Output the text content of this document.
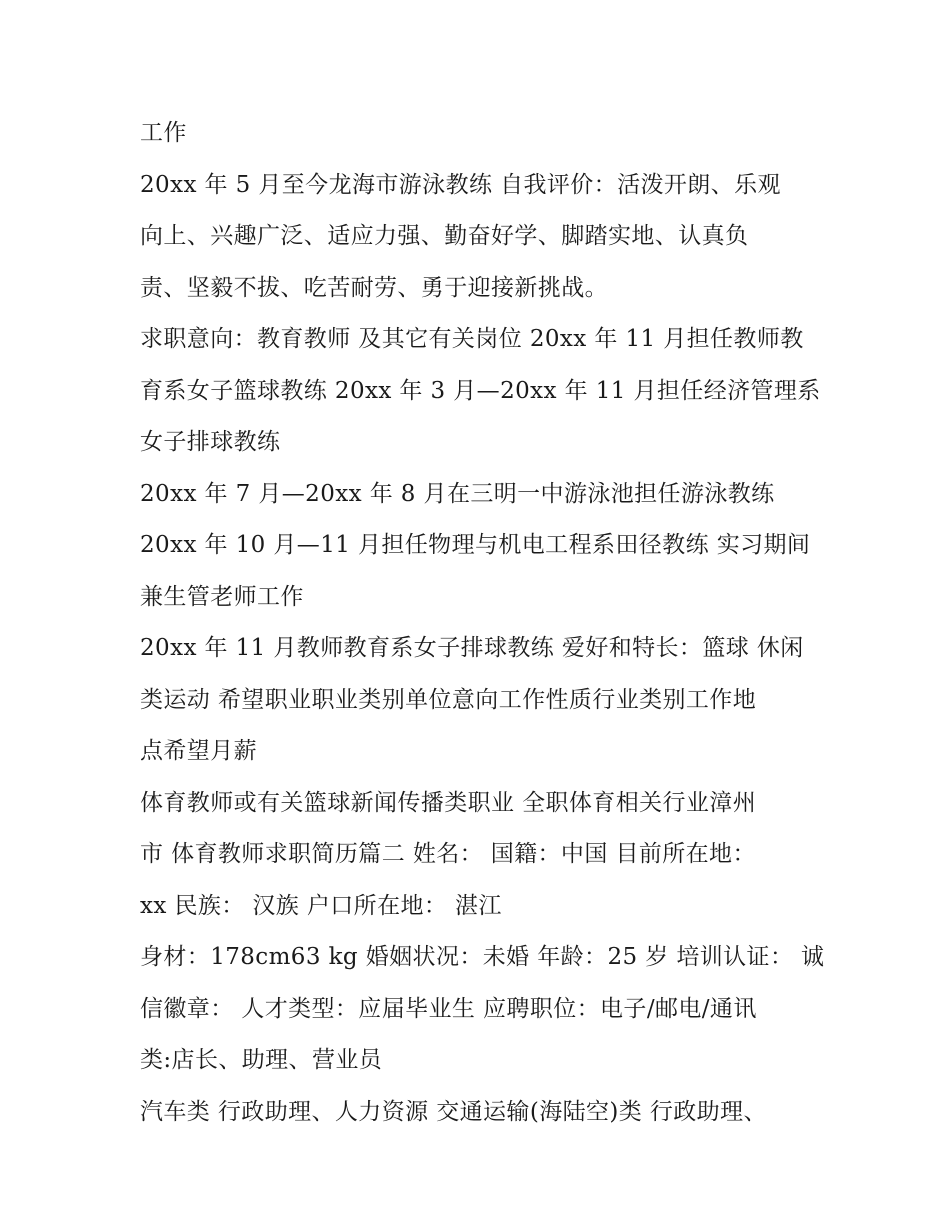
工作
20xx 年 5 月至今龙海市游泳教练 自我评价：活泼开朗、乐观
向上、兴趣广泛、适应力强、勤奋好学、脚踏实地、认真负
责、坚毅不拔、吃苦耐劳、勇于迎接新挑战。
求职意向：教育教师 及其它有关岗位 20xx 年 11 月担任教师教
育系女子篮球教练 20xx 年 3 月—20xx 年 11 月担任经济管理系
女子排球教练
20xx 年 7 月—20xx 年 8 月在三明一中游泳池担任游泳教练
20xx 年 10 月—11 月担任物理与机电工程系田径教练 实习期间
兼生管老师工作
20xx 年 11 月教师教育系女子排球教练 爱好和特长：篮球 休闲
类运动 希望职业职业类别单位意向工作性质行业类别工作地
点希望月薪
体育教师或有关篮球新闻传播类职业 全职体育相关行业漳州
市 体育教师求职简历篇二 姓名： 国籍：中国 目前所在地：
xx 民族： 汉族 户口所在地： 湛江
身材：178cm63 kg 婚姻状况：未婚 年龄：25 岁 培训认证： 诚
信徽章： 人才类型：应届毕业生 应聘职位：电子/邮电/通讯
类:店长、助理、营业员
汽车类 行政助理、人力资源 交通运输(海陆空)类 行政助理、
